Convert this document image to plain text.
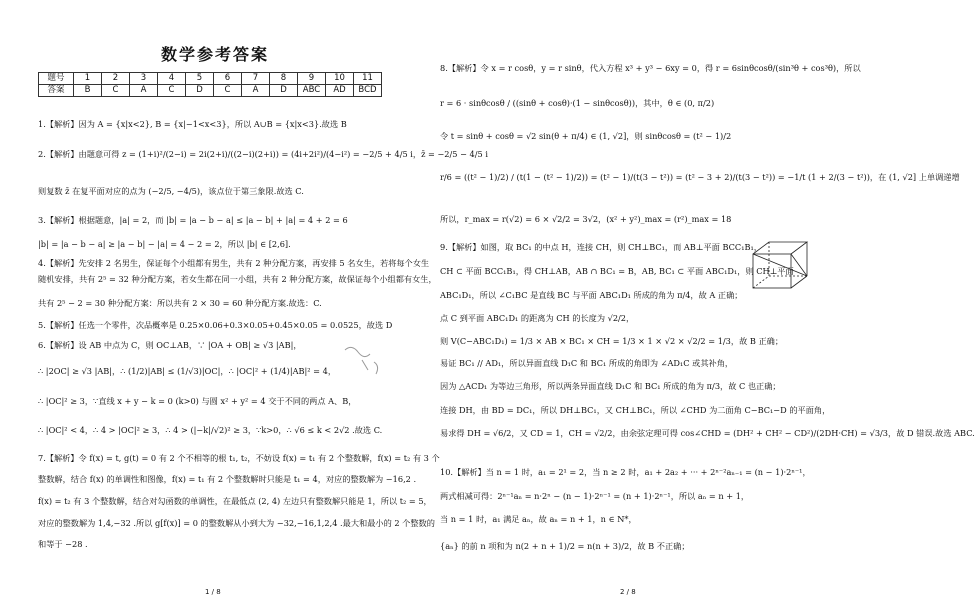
数学参考答案
题号	1	2	3	4	5	6	7	8	9	10	11
答案	B	C	A	C	D	C	A	D	ABC	AD	BCD
1.【解析】因为 A = {x|x<2}, B = {x|−1<x<3}，所以 A∪B = {x|x<3}.故选 B
2.【解析】由题意可得 z = (1+i)²/(2−i) = 2i(2+i)/((2−i)(2+i)) = (4i+2i²)/(4−i²) = −2/5 + 4/5 i，z̄ = −2/5 − 4/5 i
则复数 z̄ 在复平面对应的点为 (−2/5, −4/5)，该点位于第三象限.故选 C.
3.【解析】根据题意，|a| = 2，而 |b| = |a − b − a| ≤ |a − b| + |a| = 4 + 2 = 6
|b| = |a − b − a| ≥ |a − b| − |a| = 4 − 2 = 2，所以 |b| ∈ [2,6].
4.【解析】先安排 2 名男生，保证每个小组都有男生，共有 2 种分配方案，再安排 5 名女生，若将每个女生
随机安排，共有 2⁵ = 32 种分配方案，若女生都在同一小组，共有 2 种分配方案，故保证每个小组都有女生，
共有 2⁵ − 2 = 30 种分配方案：所以共有 2 × 30 = 60 种分配方案.故选：C.
5.【解析】任选一个零件，次品概率是 0.25×0.06+0.3×0.05+0.45×0.05 = 0.0525，故选 D
6.【解析】设 AB 中点为 C，则 OC⊥AB，∵ |OA + OB| ≥ √3 |AB|，
∴ |2OC| ≥ √3 |AB|，∴ (1/2)|AB| ≤ (1/√3)|OC|，∴ |OC|² + (1/4)|AB|² = 4，
∴ |OC|² ≥ 3，∵直线 x + y − k = 0 (k>0) 与圆 x² + y² = 4 交于不同的两点 A、B，
∴ |OC|² < 4，∴ 4 > |OC|² ≥ 3，∴ 4 > (|−k|/√2)² ≥ 3，∵k>0，∴ √6 ≤ k < 2√2 .故选 C.
7.【解析】令 f(x) = t, g(t) = 0 有 2 个不相等的根 t₁, t₂，不妨设 f(x) = t₁ 有 2 个整数解，f(x) = t₂ 有 3 个
整数解，结合 f(x) 的单调性和图像，f(x) = t₁ 有 2 个整数解时只能是 t₁ = 4，对应的整数解为 −16,2 .
f(x) = t₂ 有 3 个整数解，结合对勾函数的单调性，在最低点 (2, 4) 左边只有整数解只能是 1，所以 t₂ = 5，
对应的整数解为 1,4,−32 .所以 g[f(x)] = 0 的整数解从小到大为 −32,−16,1,2,4 .最大和最小的 2 个整数的
和等于 −28 .
1 / 8
8.【解析】令 x = r cosθ，y = r sinθ，代入方程 x³ + y³ − 6xy = 0，得 r = 6sinθcosθ/(sin³θ + cos³θ)，所以
r = 6 · sinθcosθ / ((sinθ + cosθ)·(1 − sinθcosθ))，其中，θ ∈ (0, π/2)
令 t = sinθ + cosθ = √2 sin(θ + π/4) ∈ (1, √2]，则 sinθcosθ = (t² − 1)/2
r/6 = ((t² − 1)/2) / (t(1 − (t² − 1)/2)) = (t² − 1)/(t(3 − t²)) = (t² − 3 + 2)/(t(3 − t²)) = −1/t (1 + 2/(3 − t²))，在 (1, √2] 上单调递增
所以，r_max = r(√2) = 6 × √2/2 = 3√2，(x² + y²)_max = (r²)_max = 18
9.【解析】如图，取 BC₁ 的中点 H，连接 CH，则 CH⊥BC₁，而 AB⊥平面 BCC₁B₁，
CH ⊂ 平面 BCC₁B₁，得 CH⊥AB，AB ∩ BC₁ = B，AB, BC₁ ⊂ 平面 ABC₁D₁，则 CH⊥平面
ABC₁D₁，所以 ∠C₁BC 是直线 BC 与平面 ABC₁D₁ 所成的角为 π/4，故 A 正确；
点 C 到平面 ABC₁D₁ 的距离为 CH 的长度为 √2/2，
则 V(C−ABC₁D₁) = 1/3 × AB × BC₁ × CH = 1/3 × 1 × √2 × √2/2 = 1/3，故 B 正确；
易证 BC₁ // AD₁，所以异面直线 D₁C 和 BC₁ 所成的角即为 ∠AD₁C 或其补角，
因为 △ACD₁ 为等边三角形，所以两条异面直线 D₁C 和 BC₁ 所成的角为 π/3，故 C 也正确；
连接 DH，由 BD = DC₁，所以 DH⊥BC₁，又 CH⊥BC₁，所以 ∠CHD 为二面角 C−BC₁−D 的平面角，
易求得 DH = √6/2，又 CD = 1，CH = √2/2，由余弦定理可得 cos∠CHD = (DH² + CH² − CD²)/(2DH·CH) = √3/3，故 D 错误.故选 ABC.
10.【解析】当 n = 1 时，a₁ = 2¹ = 2，当 n ≥ 2 时，a₁ + 2a₂ + ··· + 2ⁿ⁻²aₙ₋₁ = (n − 1)·2ⁿ⁻¹，
两式相减可得：2ⁿ⁻¹aₙ = n·2ⁿ − (n − 1)·2ⁿ⁻¹ = (n + 1)·2ⁿ⁻¹，所以 aₙ = n + 1，
当 n = 1 时，a₁ 满足 aₙ，故 aₙ = n + 1，n ∈ N*，
{aₙ} 的前 n 项和为 n(2 + n + 1)/2 = n(n + 3)/2，故 B 不正确；
2 / 8
